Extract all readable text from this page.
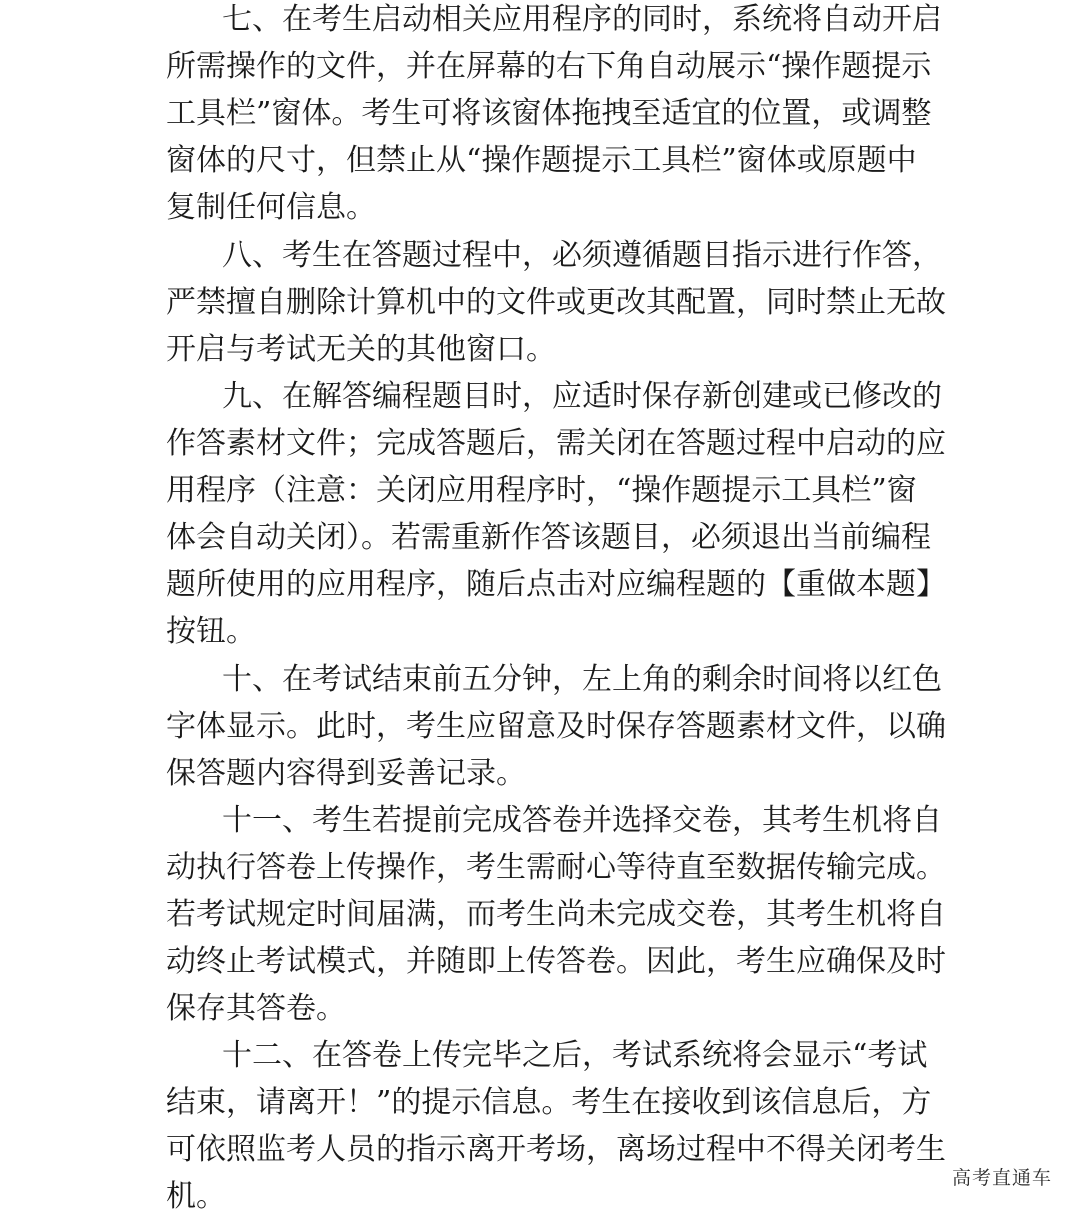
七、在考生启动相关应用程序的同时，系统将自动开启
所需操作的文件，并在屏幕的右下角自动展示“操作题提示
工具栏”窗体。考生可将该窗体拖拽至适宜的位置，或调整
窗体的尺寸，但禁止从“操作题提示工具栏”窗体或原题中
复制任何信息。
八、考生在答题过程中，必须遵循题目指示进行作答，
严禁擅自删除计算机中的文件或更改其配置，同时禁止无故
开启与考试无关的其他窗口。
九、在解答编程题目时，应适时保存新创建或已修改的
作答素材文件；完成答题后，需关闭在答题过程中启动的应
用程序（注意：关闭应用程序时，“操作题提示工具栏”窗
体会自动关闭）。若需重新作答该题目，必须退出当前编程
题所使用的应用程序，随后点击对应编程题的【重做本题】
按钮。
十、在考试结束前五分钟，左上角的剩余时间将以红色
字体显示。此时，考生应留意及时保存答题素材文件，以确
保答题内容得到妥善记录。
十一、考生若提前完成答卷并选择交卷，其考生机将自
动执行答卷上传操作，考生需耐心等待直至数据传输完成。
若考试规定时间届满，而考生尚未完成交卷，其考生机将自
动终止考试模式，并随即上传答卷。因此，考生应确保及时
保存其答卷。
十二、在答卷上传完毕之后，考试系统将会显示“考试
结束，请离开！”的提示信息。考生在接收到该信息后，方
可依照监考人员的指示离开考场，离场过程中不得关闭考生
机。
高考直通车
